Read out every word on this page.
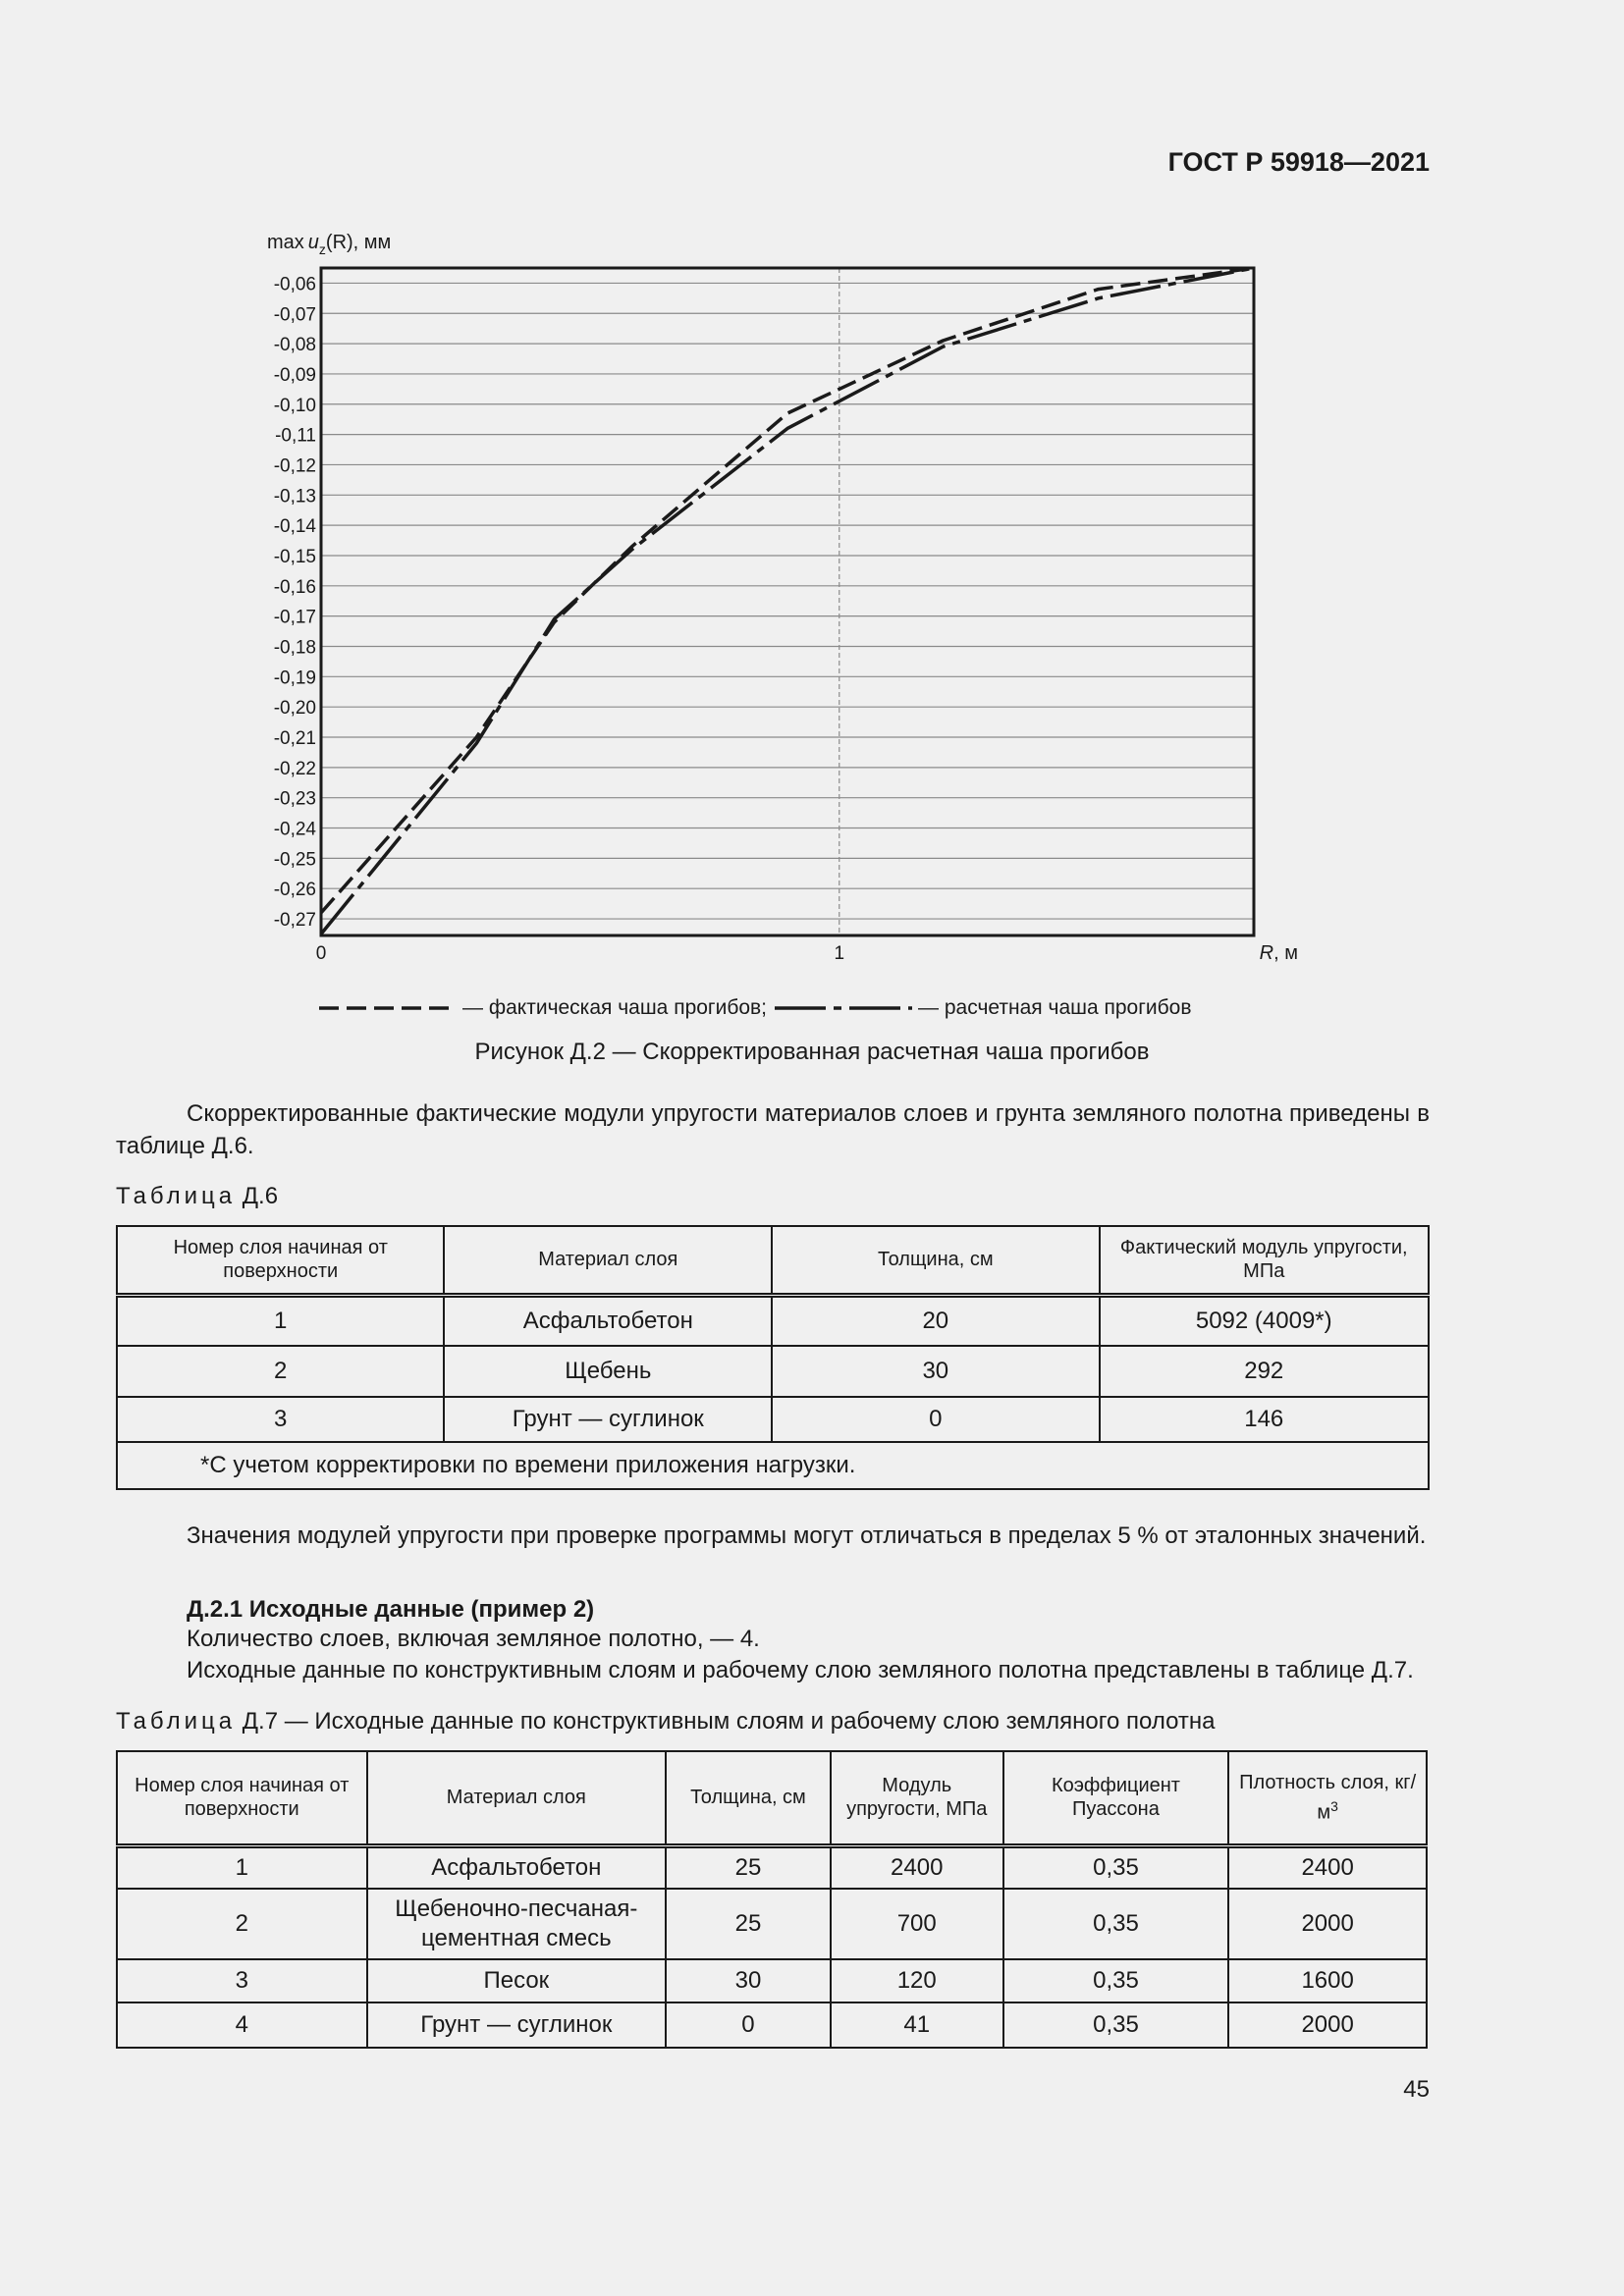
ГОСТ Р 59918—2021
-0,06
-0,07
-0,08
-0,09
-0,10
-0,11
-0,12
-0,13
-0,14
-0,15
-0,16
-0,17
-0,18
-0,19
-0,20
-0,21
-0,22
-0,23
-0,24
-0,25
-0,26
-0,27
0	1	R, м
$\max u_z(R)$, мм
— фактическая чаша прогибов;	— расчетная чаша прогибов
Рисунок Д.2 — Скорректированная расчетная чаша прогибов
Скорректированные фактические модули упругости материалов слоев и грунта земляного полотна приведены в таблице Д.6.
Таблица Д.6
Номер слоя начиная от поверхности	Материал слоя	Толщина, см	Фактический модуль упругости, МПа
1	Асфальтобетон	20	5092 (4009*)
2	Щебень	30	292
3	Грунт — суглинок	0	146
*С учетом корректировки по времени приложения нагрузки.			
Значения модулей упругости при проверке программы могут отличаться в пределах 5 % от эталонных значений.
Д.2.1 Исходные данные (пример 2)
Количество слоев, включая земляное полотно, — 4.
Исходные данные по конструктивным слоям и рабочему слою земляного полотна представлены в таблице Д.7.
Таблица Д.7 — Исходные данные по конструктивным слоям и рабочему слою земляного полотна
Номер слоя начиная от поверхности	Материал слоя	Толщина, см	Модуль упругости, МПа	Коэффициент Пуассона	Плотность слоя, $кг/м^3$
1	Асфальтобетон	25	2400	0,35	2400
2	Щебеночно-песчаная-цементная смесь	25	700	0,35	2000
3	Песок	30	120	0,35	1600
4	Грунт — суглинок	0	41	0,35	2000
45
